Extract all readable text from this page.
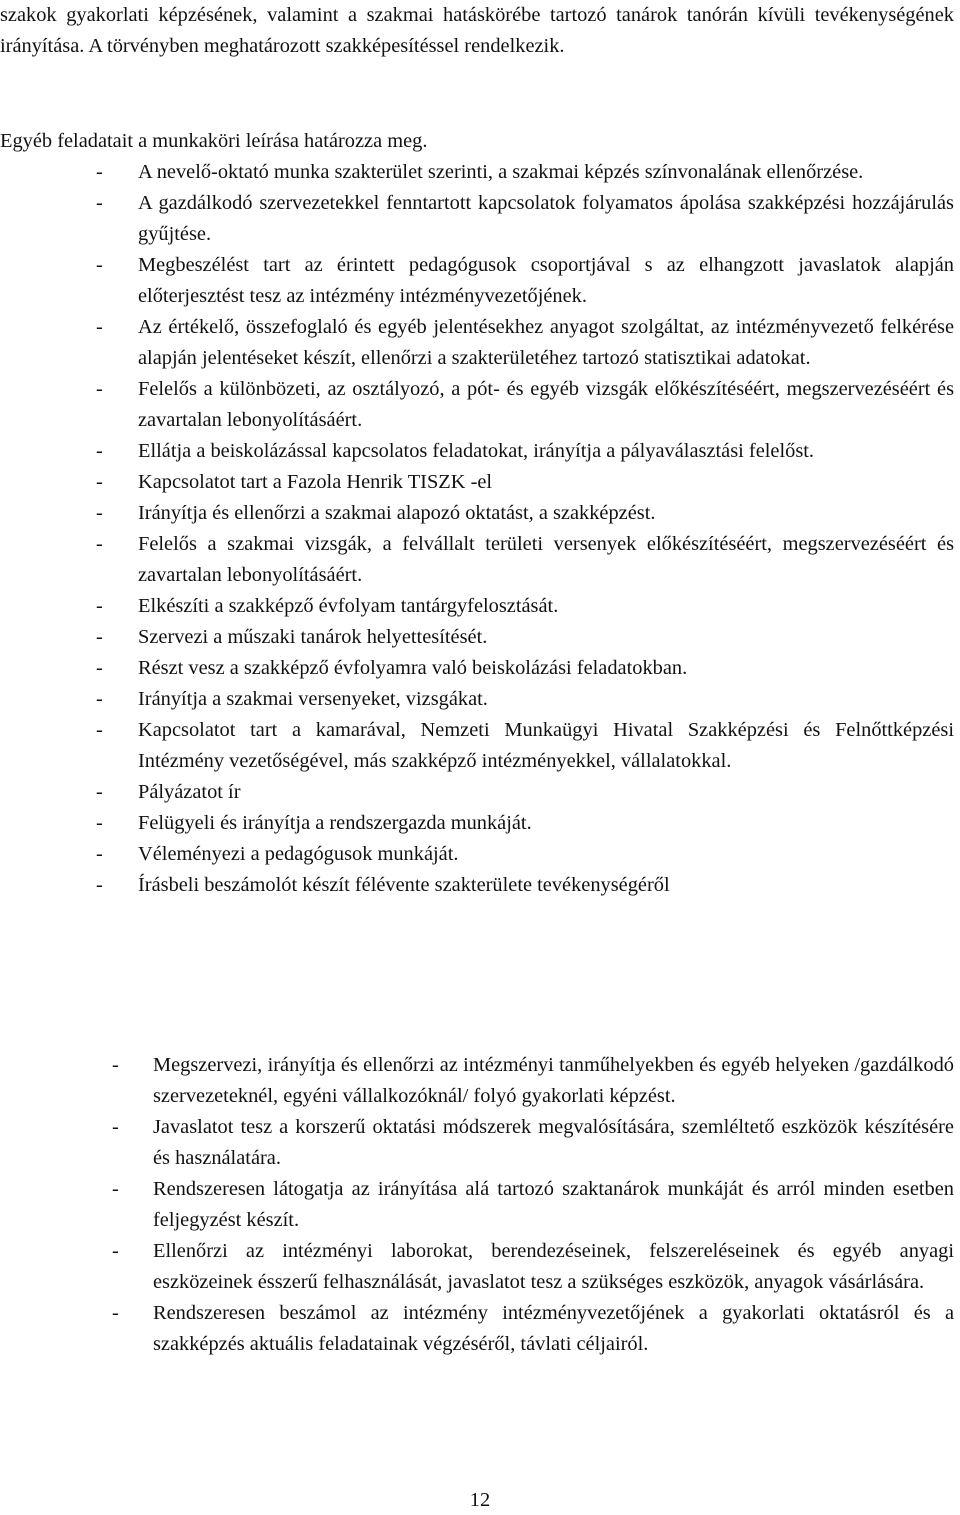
szakok gyakorlati képzésének, valamint a szakmai hatáskörébe tartozó tanárok tanórán kívüli tevékenységének irányítása. A törvényben meghatározott szakképesítéssel rendelkezik.

Egyéb feladatait a munkaköri leírása határozza meg.

- A nevelő-oktató munka szakterület szerinti, a szakmai képzés színvonalának ellenőrzése.
- A gazdálkodó szervezetekkel fenntartott kapcsolatok folyamatos ápolása szakképzési hozzájárulás gyűjtése.
- Megbeszélést tart az érintett pedagógusok csoportjával s az elhangzott javaslatok alapján előterjesztést tesz az intézmény intézményvezetőjének.
- Az értékelő, összefoglaló és egyéb jelentésekhez anyagot szolgáltat, az intézményvezető felkérése alapján jelentéseket készít, ellenőrzi a szakterületéhez tartozó statisztikai adatokat.
- Felelős a különbözeti, az osztályozó, a pót- és egyéb vizsgák előkészítéséért, megszervezéséért és zavartalan lebonyolításáért.
- Ellátja a beiskolázással kapcsolatos feladatokat, irányítja a pályaválasztási felelőst.
- Kapcsolatot tart a Fazola Henrik TISZK -el
- Irányítja és ellenőrzi a szakmai alapozó oktatást, a szakképzést.
- Felelős a szakmai vizsgák, a felvállalt területi versenyek előkészítéséért, megszervezéséért és zavartalan lebonyolításáért.
- Elkészíti a szakképző évfolyam tantárgyfelosztását.
- Szervezi a műszaki tanárok helyettesítését.
- Részt vesz a szakképző évfolyamra való beiskolázási feladatokban.
- Irányítja a szakmai versenyeket, vizsgákat.
- Kapcsolatot tart a kamarával, Nemzeti Munkaügyi Hivatal Szakképzési és Felnőttképzési Intézmény vezetőségével, más szakképző intézményekkel, vállalatokkal.
- Pályázatot ír
- Felügyeli és irányítja a rendszergazda munkáját.
- Véleményezi a pedagógusok munkáját.
- Írásbeli beszámolót készít félévente szakterülete tevékenységéről
- Megszervezi, irányítja és ellenőrzi az intézményi tanműhelyekben és egyéb helyeken /gazdálkodó szervezeteknél, egyéni vállalkozóknál/ folyó gyakorlati képzést.
- Javaslatot tesz a korszerű oktatási módszerek megvalósítására, szemléltető eszközök készítésére és használatára.
- Rendszeresen látogatja az irányítása alá tartozó szaktanárok munkáját és arról minden esetben feljegyzést készít.
- Ellenőrzi az intézményi laborokat, berendezéseinek, felszereléseinek és egyéb anyagi eszközeinek ésszerű felhasználását, javaslatot tesz a szükséges eszközök, anyagok vásárlására.
- Rendszeresen beszámol az intézmény intézményvezetőjének a gyakorlati oktatásról és a szakképzés aktuális feladatainak végzéséről, távlati céljairól.
12
